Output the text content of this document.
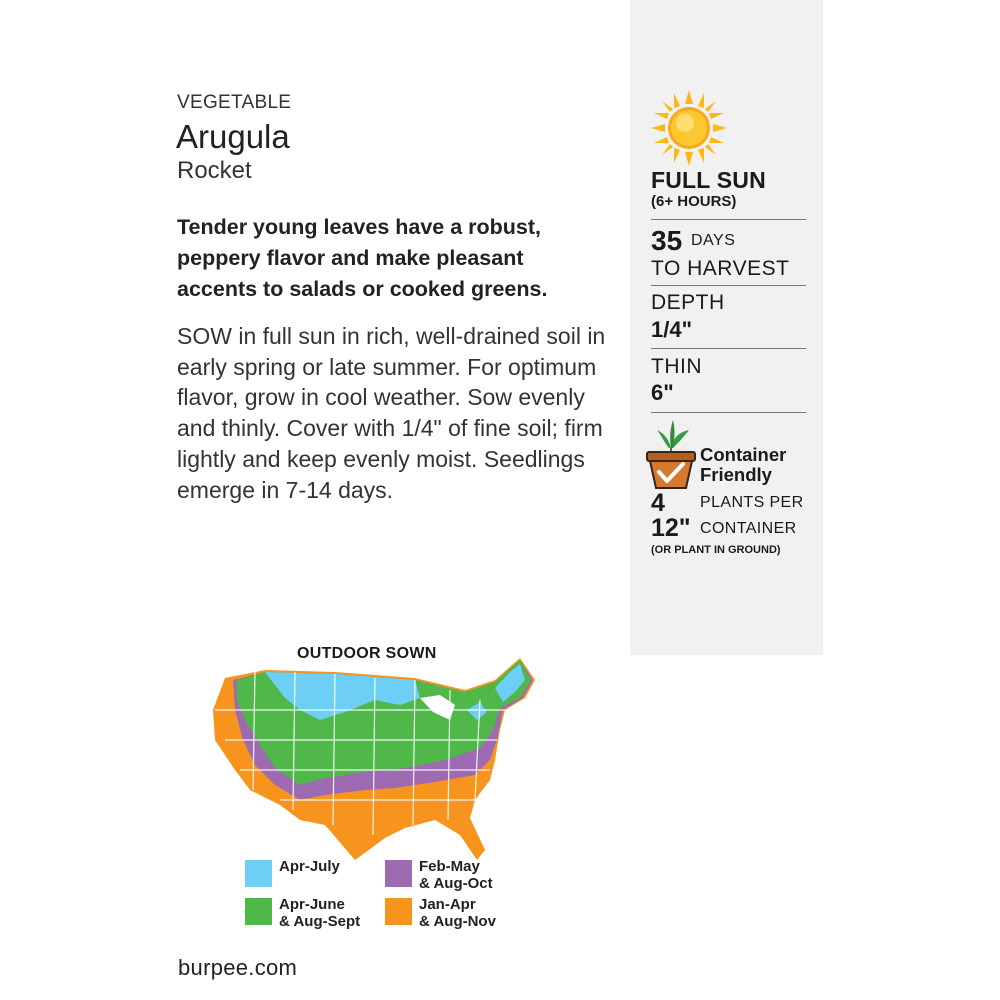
VEGETABLE
Arugula
Rocket
Tender young leaves have a robust, peppery flavor and make pleasant accents to salads or cooked greens.
SOW in full sun in rich, well-drained soil in early spring or late summer. For optimum flavor, grow in cool weather. Sow evenly and thinly. Cover with 1/4" of fine soil; firm lightly and keep evenly moist. Seedlings emerge in 7-14 days.
FULL SUN
(6+ HOURS)
35 DAYS
TO HARVEST
DEPTH
1/4"
THIN
6"
Container
Friendly
4 PLANTS PER
12" CONTAINER
(OR PLANT IN GROUND)
OUTDOOR SOWN
Apr-July	Feb-May
& Aug-Oct
Apr-June
& Aug-Sept
Jan-Apr
& Aug-Nov
burpee.com
